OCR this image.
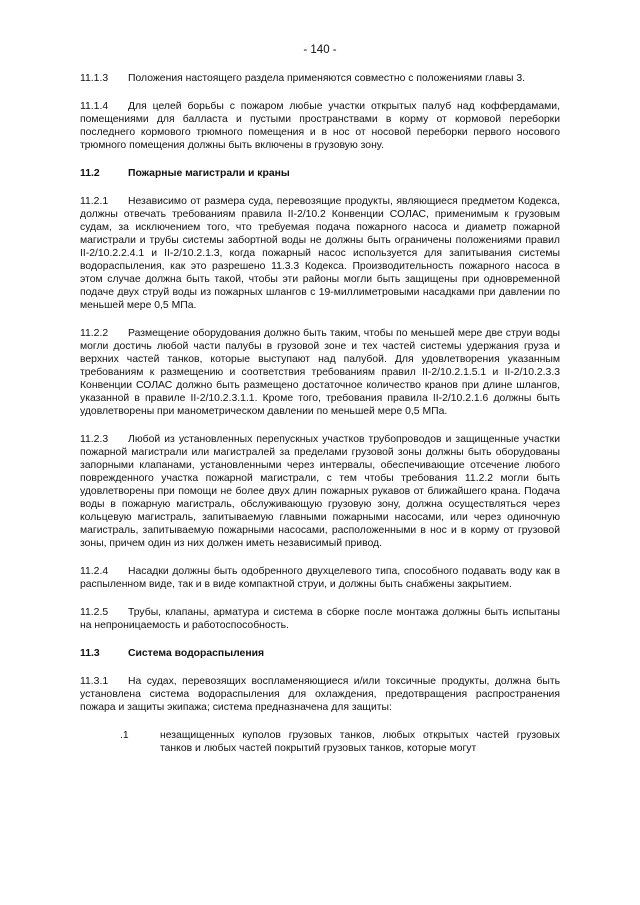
- 140 -

11.1.3 Положения настоящего раздела применяются совместно с положениями главы 3.

11.1.4 Для целей борьбы с пожаром любые участки открытых палуб над коффердамами, помещениями для балласта и пустыми пространствами в корму от кормовой переборки последнего кормового трюмного помещения и в нос от носовой переборки первого носового трюмного помещения должны быть включены в грузовую зону.

11.2	Пожарные магистрали и краны

11.2.1 Независимо от размера суда, перевозящие продукты, являющиеся предметом Кодекса, должны отвечать требованиям правила II-2/10.2 Конвенции СОЛАС, применимым к грузовым судам, за исключением того, что требуемая подача пожарного насоса и диаметр пожарной магистрали и трубы системы забортной воды не должны быть ограничены положениями правил II-2/10.2.2.4.1 и II-2/10.2.1.3, когда пожарный насос используется для запитывания системы водораспыления, как это разрешено 11.3.3 Кодекса. Производительность пожарного насоса в этом случае должна быть такой, чтобы эти районы могли быть защищены при одновременной подаче двух струй воды из пожарных шлангов с 19-миллиметровыми насадками при давлении по меньшей мере 0,5 МПа.

11.2.2 Размещение оборудования должно быть таким, чтобы по меньшей мере две струи воды могли достичь любой части палубы в грузовой зоне и тех частей системы удержания груза и верхних частей танков, которые выступают над палубой. Для удовлетворения указанным требованиям к размещению и соответствия требованиям правил II-2/10.2.1.5.1 и II-2/10.2.3.3 Конвенции СОЛАС должно быть размещено достаточное количество кранов при длине шлангов, указанной в правиле II-2/10.2.3.1.1. Кроме того, требования правила II-2/10.2.1.6 должны быть удовлетворены при манометрическом давлении по меньшей мере 0,5 МПа.

11.2.3 Любой из установленных перепускных участков трубопроводов и защищенные участки пожарной магистрали или магистралей за пределами грузовой зоны должны быть оборудованы запорными клапанами, установленными через интервалы, обеспечивающие отсечение любого поврежденного участка пожарной магистрали, с тем чтобы требования 11.2.2 могли быть удовлетворены при помощи не более двух длин пожарных рукавов от ближайшего крана. Подача воды в пожарную магистраль, обслуживающую грузовую зону, должна осуществляться через кольцевую магистраль, запитываемую главными пожарными насосами, или через одиночную магистраль, запитываемую пожарными насосами, расположенными в нос и в корму от грузовой зоны, причем один из них должен иметь независимый привод.

11.2.4 Насадки должны быть одобренного двухцелевого типа, способного подавать воду как в распыленном виде, так и в виде компактной струи, и должны быть снабжены закрытием.

11.2.5 Трубы, клапаны, арматура и система в сборке после монтажа должны быть испытаны на непроницаемость и работоспособность.

11.3	Система водораспыления

11.3.1 На судах, перевозящих воспламеняющиеся и/или токсичные продукты, должна быть установлена система водораспыления для охлаждения, предотвращения распространения пожара и защиты экипажа; система предназначена для защиты:

.1	незащищенных куполов грузовых танков, любых открытых частей грузовых танков и любых частей покрытий грузовых танков, которые могут
